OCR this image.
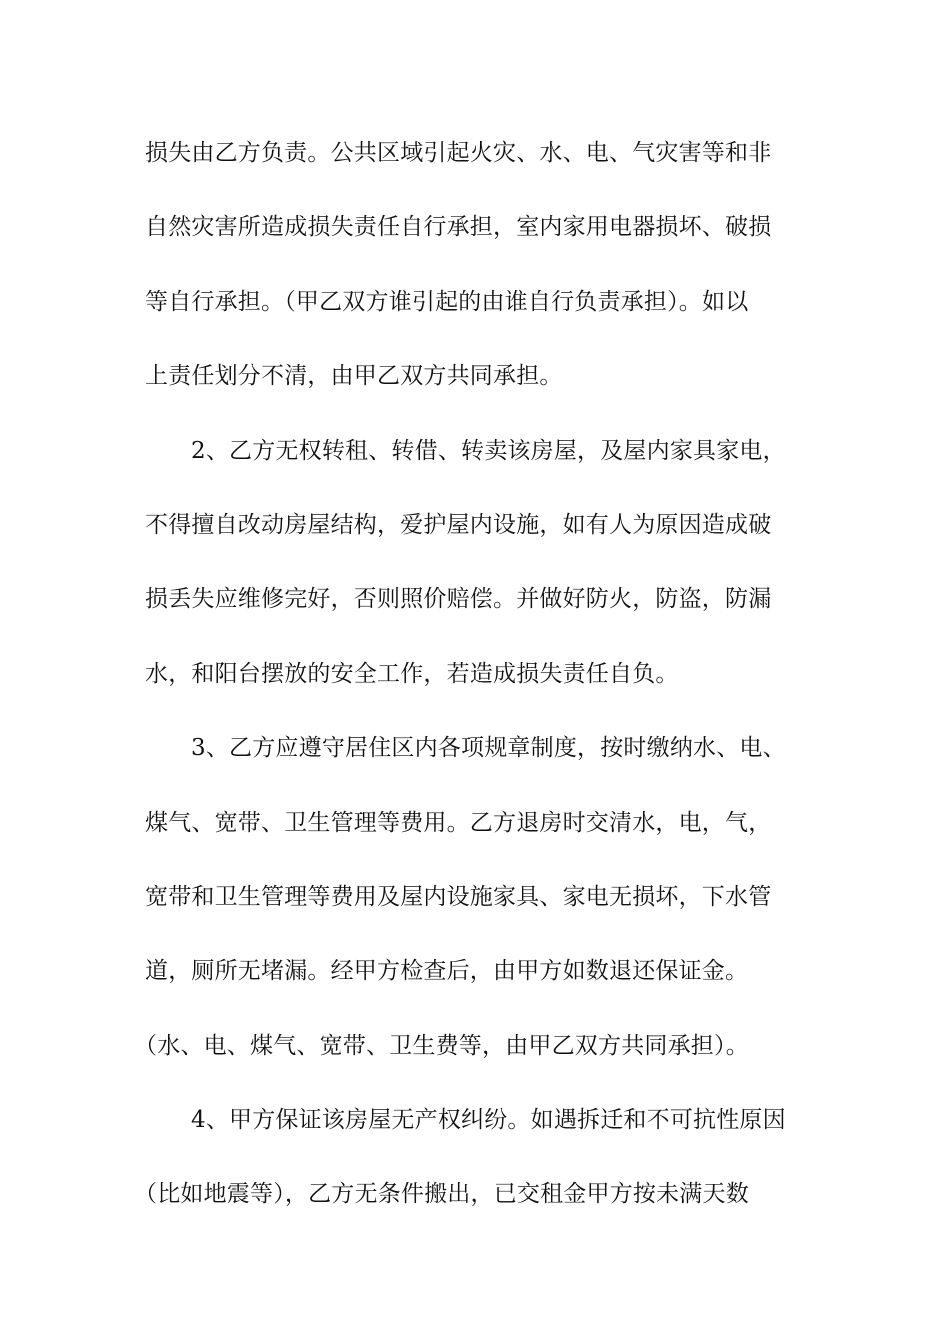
损失由乙方负责。公共区域引起火灾、水、电、气灾害等和非
自然灾害所造成损失责任自行承担，室内家用电器损坏、破损
等自行承担。（甲乙双方谁引起的由谁自行负责承担）。如以
上责任划分不清，由甲乙双方共同承担。
2、乙方无权转租、转借、转卖该房屋，及屋内家具家电，
不得擅自改动房屋结构，爱护屋内设施，如有人为原因造成破
损丢失应维修完好，否则照价赔偿。并做好防火，防盗，防漏
水，和阳台摆放的安全工作，若造成损失责任自负。
3、乙方应遵守居住区内各项规章制度，按时缴纳水、电、
煤气、宽带、卫生管理等费用。乙方退房时交清水，电，气，
宽带和卫生管理等费用及屋内设施家具、家电无损坏，下水管
道，厕所无堵漏。经甲方检查后，由甲方如数退还保证金。
（水、电、煤气、宽带、卫生费等，由甲乙双方共同承担）。
4、甲方保证该房屋无产权纠纷。如遇拆迁和不可抗性原因
（比如地震等），乙方无条件搬出，已交租金甲方按未满天数
